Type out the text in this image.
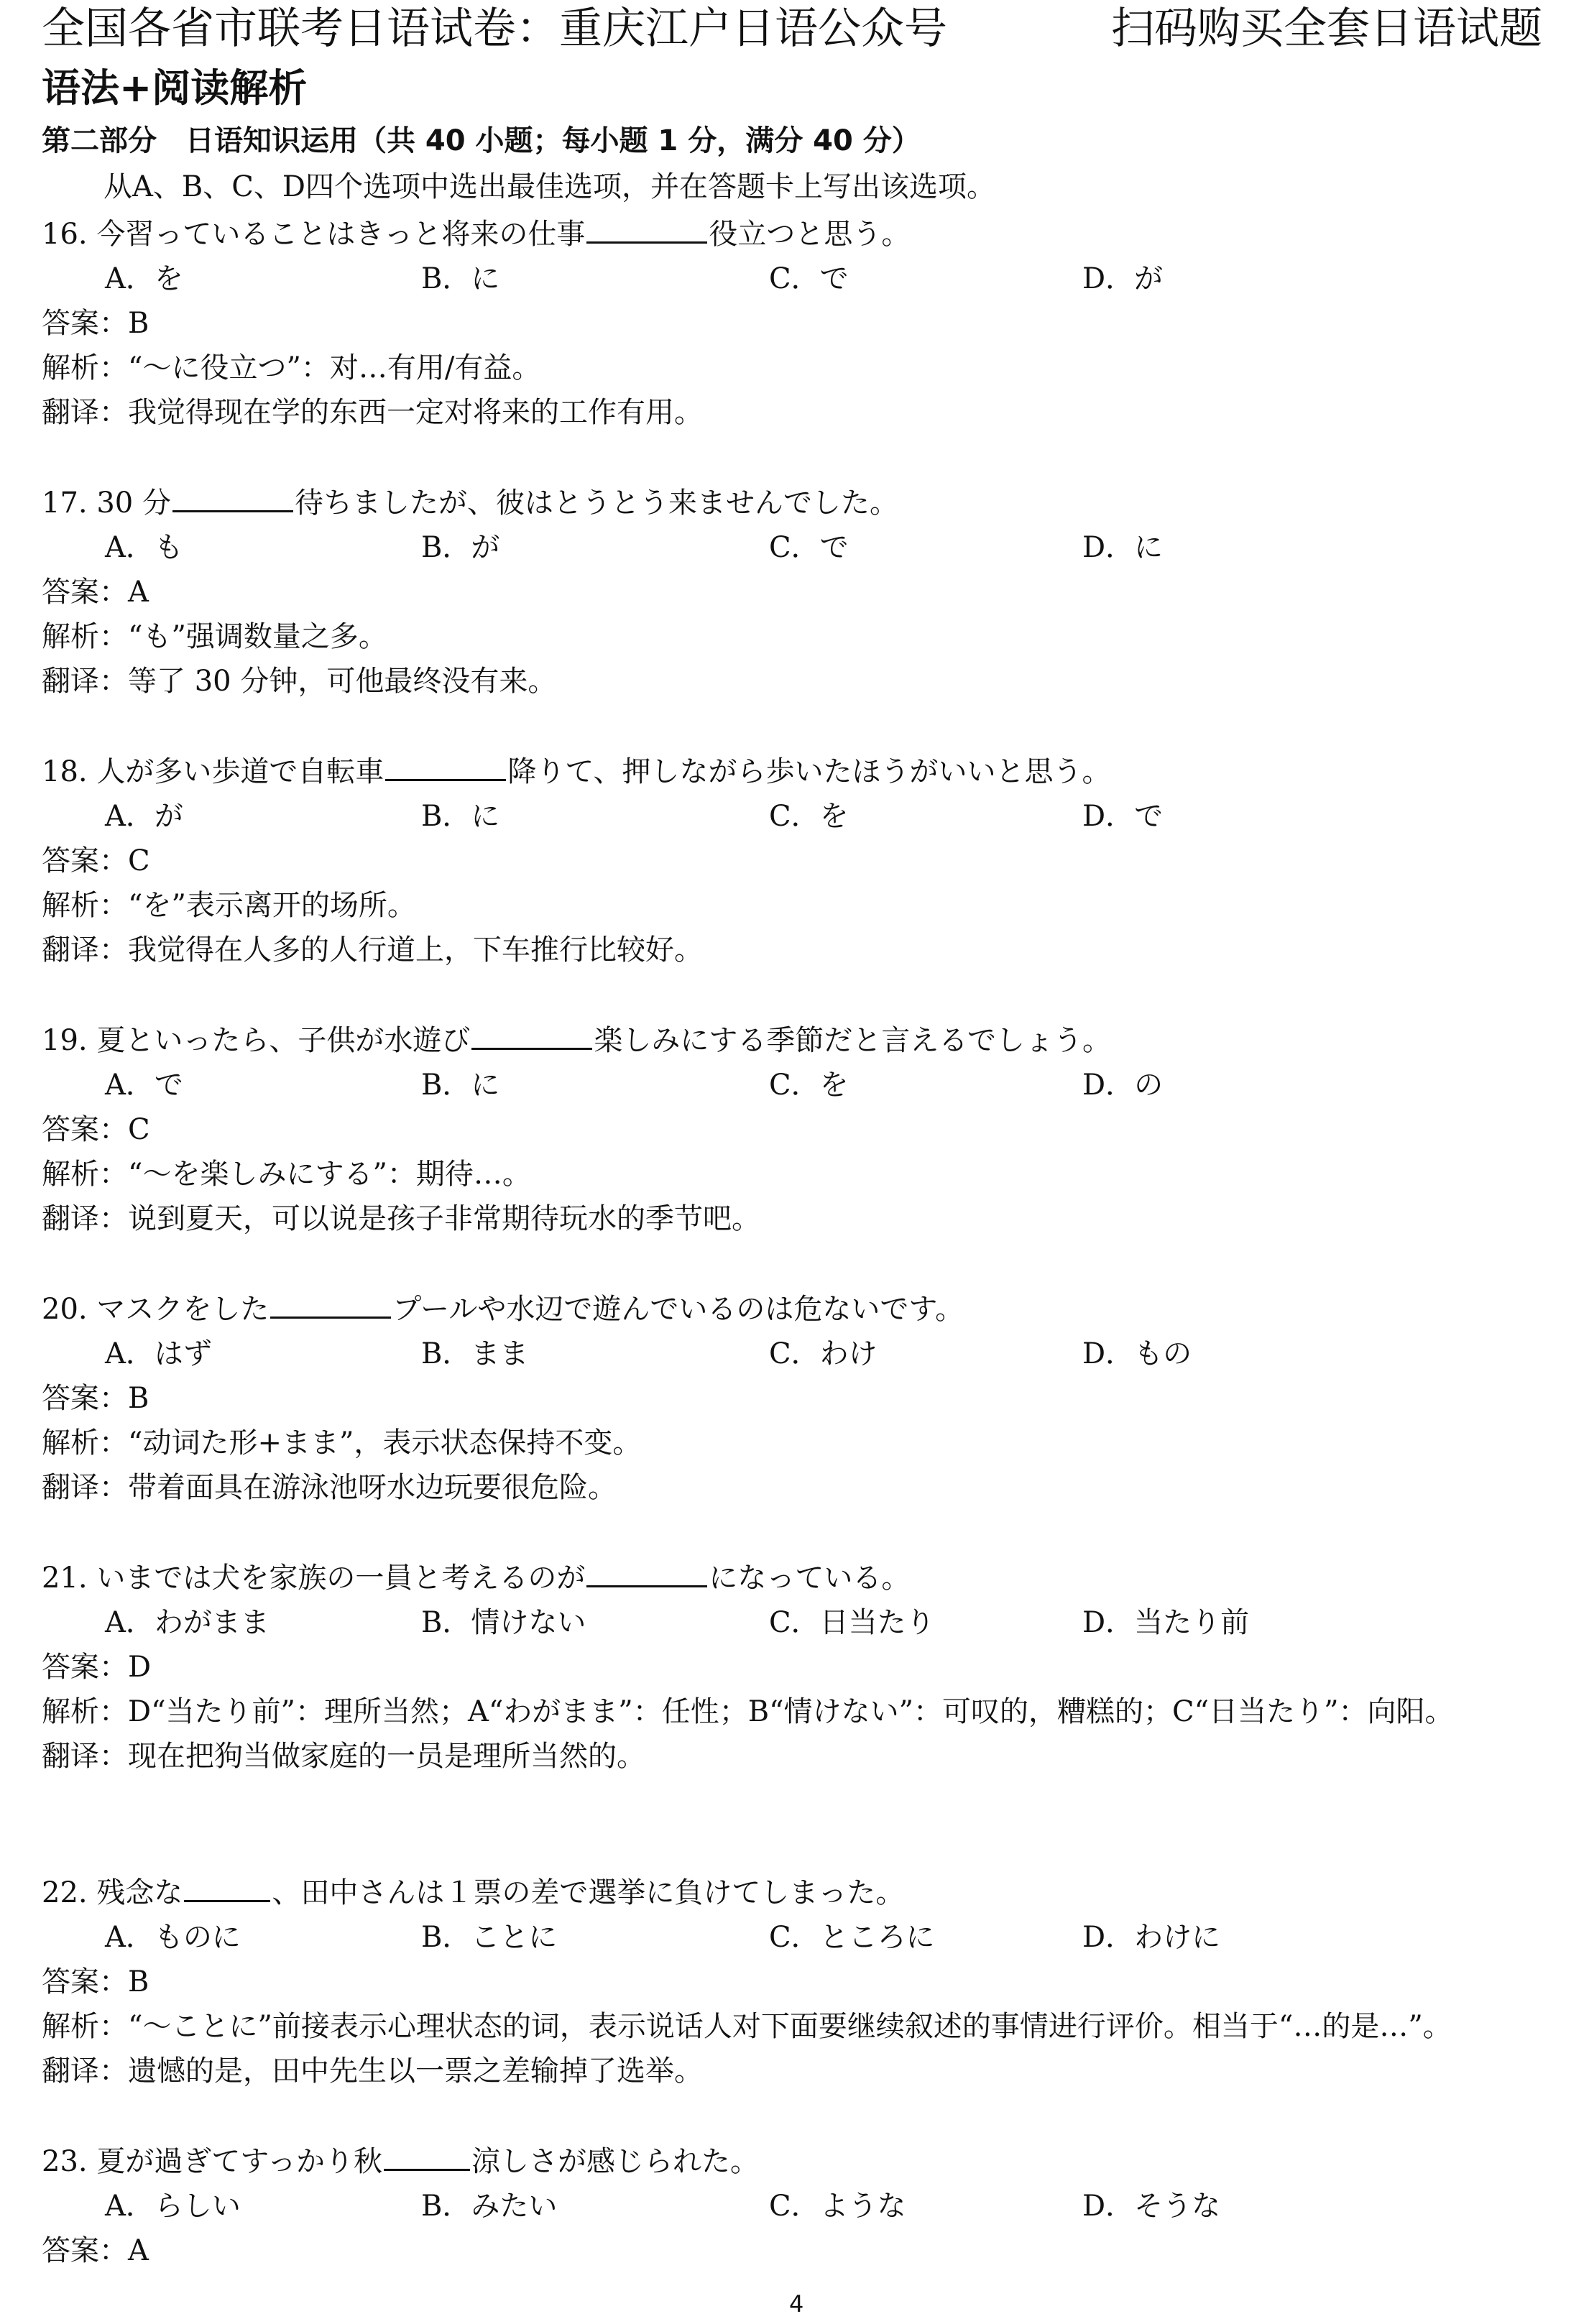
全国各省市联考日语试卷：重庆江户日语公众号	扫码购买全套日语试题
语法+阅读解析
第二部分　日语知识运用（共 40 小题；每小题 1 分，满分 40 分）
从A、B、C、D四个选项中选出最佳选项，并在答题卡上写出该选项。
16. 今習っていることはきっと将来の仕事	役立つと思う。
A．を	B．に	C．で	D．が
答案：B
解析：“～に役立つ”：对…有用/有益。
翻译：我觉得现在学的东西一定对将来的工作有用。
17. 30 分	待ちましたが、彼はとうとう来ませんでした。
A．も	B．が	C．で	D．に
答案：A
解析：“も”强调数量之多。
翻译：等了 30 分钟，可他最终没有来。
18. 人が多い歩道で自転車	降りて、押しながら歩いたほうがいいと思う。
A．が	B．に	C．を	D．で
答案：C
解析：“を”表示离开的场所。
翻译：我觉得在人多的人行道上，下车推行比较好。
19. 夏といったら、子供が水遊び	楽しみにする季節だと言えるでしょう。
A．で	B．に	C．を	D．の
答案：C
解析：“～を楽しみにする”：期待…。
翻译：说到夏天，可以说是孩子非常期待玩水的季节吧。
20. マスクをした	プールや水辺で遊んでいるのは危ないです。
A．はず	B．まま	C．わけ	D．もの
答案：B
解析：“动词た形+まま”，表示状态保持不变。
翻译：带着面具在游泳池呀水边玩要很危险。
21. いまでは犬を家族の一員と考えるのが	になっている。
A．わがまま	B．情けない	C．日当たり	D．当たり前
答案：D
解析：D“当たり前”：理所当然；A“わがまま”：任性；B“情けない”：可叹的，糟糕的；C“日当たり”：向阳。
翻译：现在把狗当做家庭的一员是理所当然的。
22. 残念な	、田中さんは１票の差で選挙に負けてしまった。
A．ものに	B．ことに	C．ところに	D．わけに
答案：B
解析：“～ことに”前接表示心理状态的词，表示说话人对下面要继续叙述的事情进行评价。相当于“…的是…”。
翻译：遗憾的是，田中先生以一票之差输掉了选举。
23. 夏が過ぎてすっかり秋	涼しさが感じられた。
A．らしい	B．みたい	C．ような	D．そうな
答案：A
4
